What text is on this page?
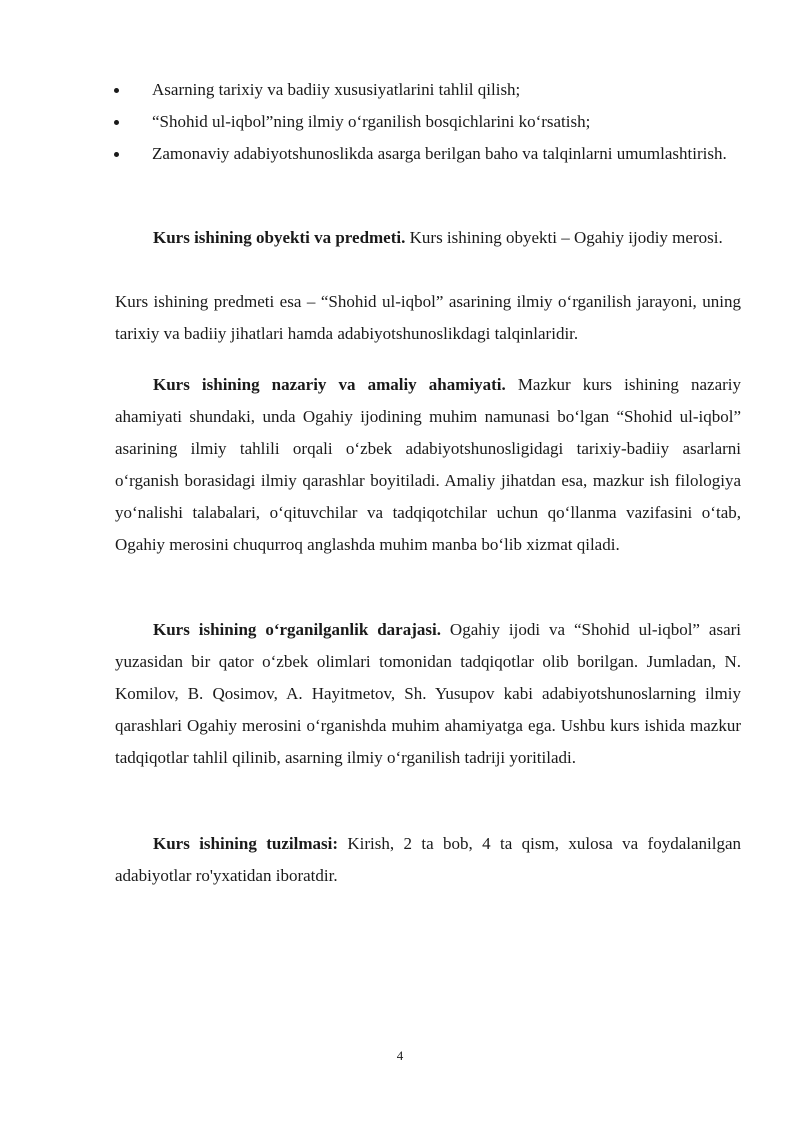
Asarning tarixiy va badiiy xususiyatlarini tahlil qilish;
“Shohid ul-iqbol”ning ilmiy o‘rganilish bosqichlarini ko‘rsatish;
Zamonaviy adabiyotshunoslikda asarga berilgan baho va talqinlarni umumlashtirish.
Kurs ishining obyekti va predmeti. Kurs ishining obyekti – Ogahiy ijodiy merosi.
Kurs ishining predmeti esa – “Shohid ul-iqbol” asarining ilmiy o‘rganilish jarayoni, uning tarixiy va badiiy jihatlari hamda adabiyotshunoslikdagi talqinlaridir.
Kurs ishining nazariy va amaliy ahamiyati. Mazkur kurs ishining nazariy ahamiyati shundaki, unda Ogahiy ijodining muhim namunasi bo‘lgan “Shohid ul-iqbol” asarining ilmiy tahlili orqali o‘zbek adabiyotshunosligidagi tarixiy-badiiy asarlarni o‘rganish borasidagi ilmiy qarashlar boyitiladi. Amaliy jihatdan esa, mazkur ish filologiya yo‘nalishi talabalari, o‘qituvchilar va tadqiqotchilar uchun qo‘llanma vazifasini o‘tab, Ogahiy merosini chuqurroq anglashda muhim manba bo‘lib xizmat qiladi.
Kurs ishining o‘rganilganlik darajasi. Ogahiy ijodi va “Shohid ul-iqbol” asari yuzasidan bir qator o‘zbek olimlari tomonidan tadqiqotlar olib borilgan. Jumladan, N. Komilov, B. Qosimov, A. Hayitmetov, Sh. Yusupov kabi adabiyotshunoslarning ilmiy qarashlari Ogahiy merosini o‘rganishda muhim ahamiyatga ega. Ushbu kurs ishida mazkur tadqiqotlar tahlil qilinib, asarning ilmiy o‘rganilish tadriji yoritiladi.
Kurs ishining tuzilmasi: Kirish, 2 ta bob, 4 ta qism, xulosa va foydalanilgan adabiyotlar ro'yxatidan iboratdir.
4
